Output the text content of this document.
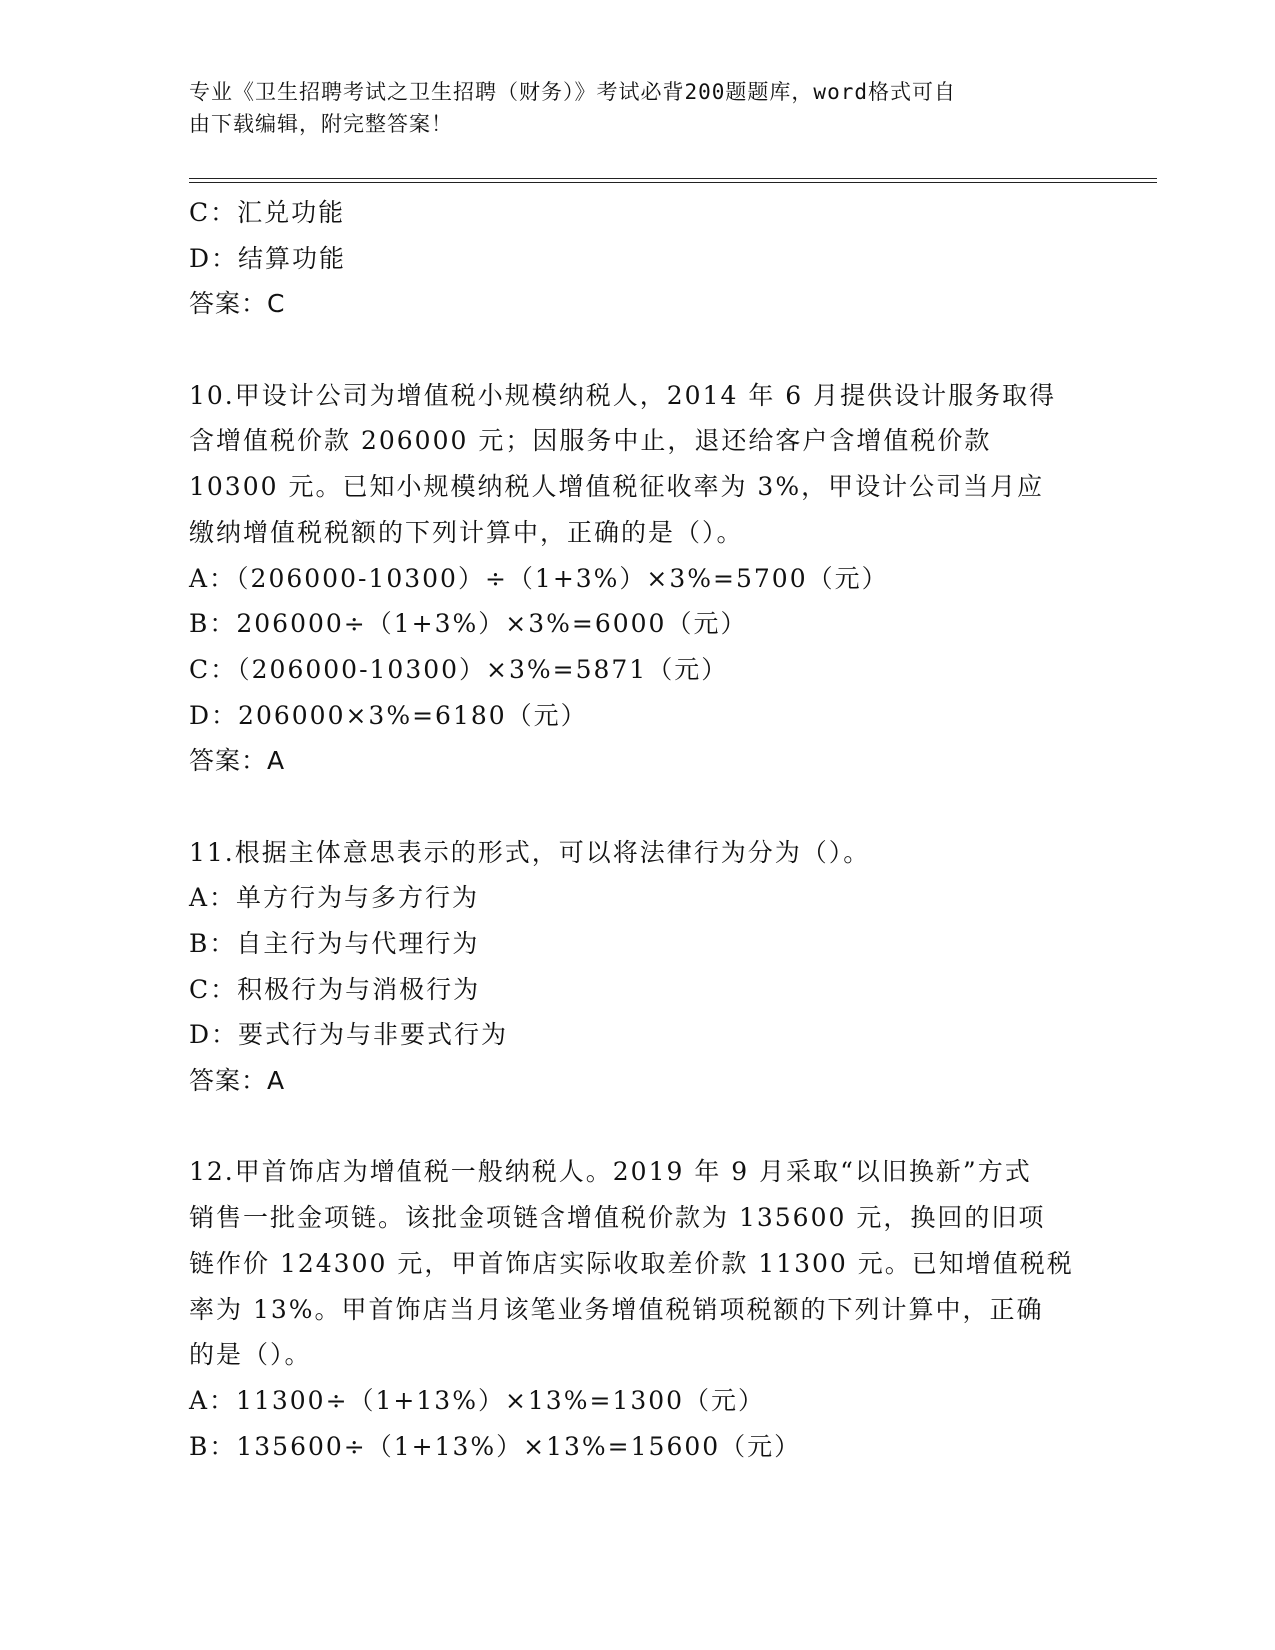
专业《卫生招聘考试之卫生招聘（财务）》考试必背200题题库，word格式可自
由下载编辑，附完整答案！
C：汇兑功能
D：结算功能
答案：C
10.甲设计公司为增值税小规模纳税人，2014 年 6 月提供设计服务取得
含增值税价款 206000 元；因服务中止，退还给客户含增值税价款
10300 元。已知小规模纳税人增值税征收率为 3%，甲设计公司当月应
缴纳增值税税额的下列计算中，正确的是（）。
A：（206000-10300）÷（1+3%）×3%=5700（元）
B：206000÷（1+3%）×3%=6000（元）
C：（206000-10300）×3%=5871（元）
D：206000×3%=6180（元）
答案：A
11.根据主体意思表示的形式，可以将法律行为分为（）。
A：单方行为与多方行为
B：自主行为与代理行为
C：积极行为与消极行为
D：要式行为与非要式行为
答案：A
12.甲首饰店为增值税一般纳税人。2019 年 9 月采取“以旧换新”方式
销售一批金项链。该批金项链含增值税价款为 135600 元，换回的旧项
链作价 124300 元，甲首饰店实际收取差价款 11300 元。已知增值税税
率为 13%。甲首饰店当月该笔业务增值税销项税额的下列计算中，正确
的是（）。
A：11300÷（1+13%）×13%=1300（元）
B：135600÷（1+13%）×13%=15600（元）
